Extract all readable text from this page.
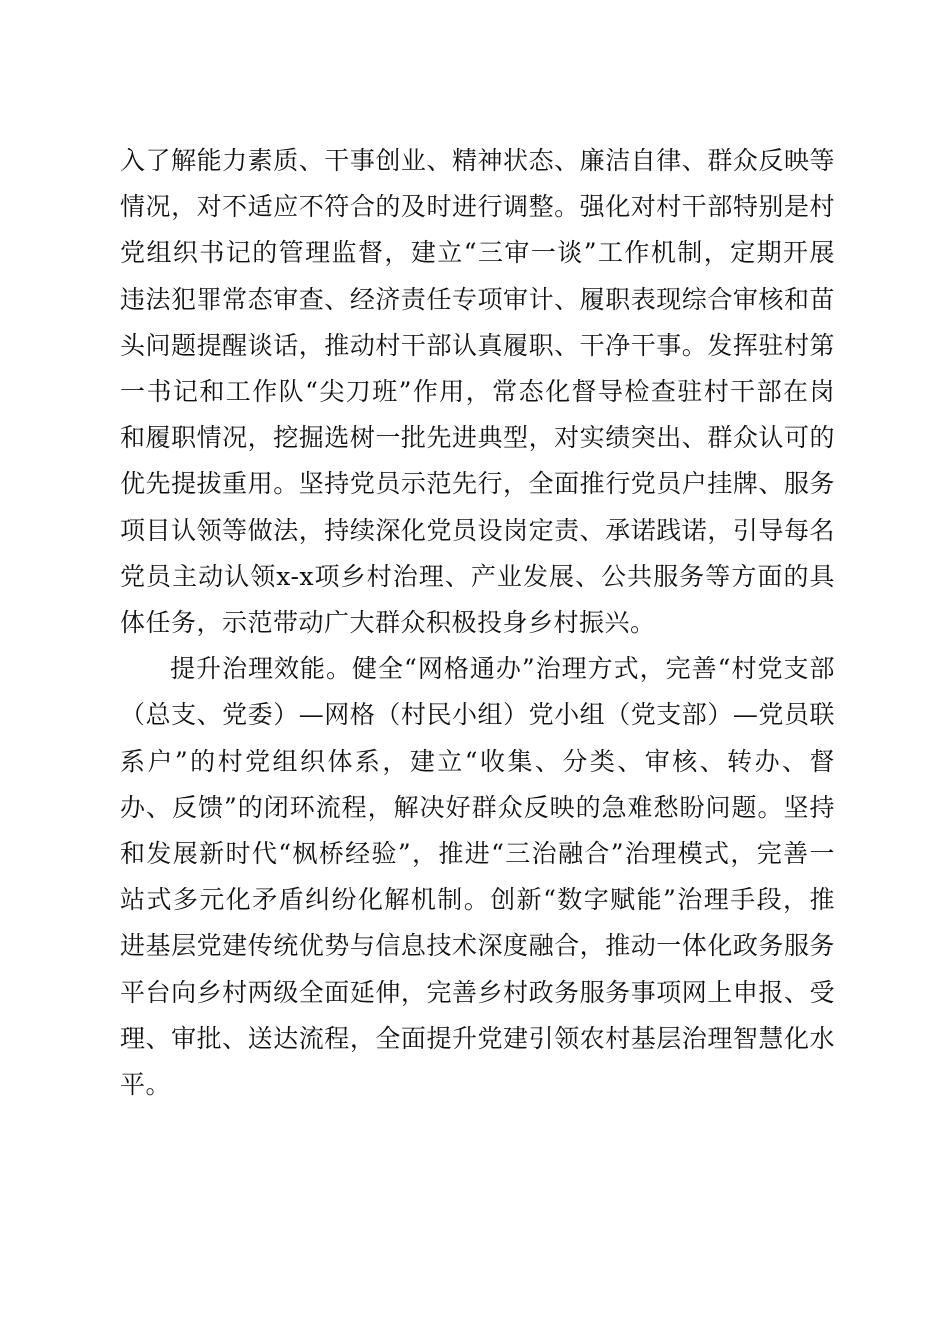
入了解能力素质、干事创业、精神状态、廉洁自律、群众反映等情况，对不适应不符合的及时进行调整。强化对村干部特别是村党组织书记的管理监督，建立“三审一谈”工作机制，定期开展违法犯罪常态审查、经济责任专项审计、履职表现综合审核和苗头问题提醒谈话，推动村干部认真履职、干净干事。发挥驻村第一书记和工作队“尖刀班”作用，常态化督导检查驻村干部在岗和履职情况，挖掘选树一批先进典型，对实绩突出、群众认可的优先提拔重用。坚持党员示范先行，全面推行党员户挂牌、服务项目认领等做法，持续深化党员设岗定责、承诺践诺，引导每名党员主动认领x-x项乡村治理、产业发展、公共服务等方面的具体任务，示范带动广大群众积极投身乡村振兴。

提升治理效能。健全“网格通办”治理方式，完善“村党支部（总支、党委）—网格（村民小组）党小组（党支部）—党员联系户”的村党组织体系，建立“收集、分类、审核、转办、督办、反馈”的闭环流程，解决好群众反映的急难愁盼问题。坚持和发展新时代“枫桥经验”，推进“三治融合”治理模式，完善一站式多元化矛盾纠纷化解机制。创新“数字赋能”治理手段，推进基层党建传统优势与信息技术深度融合，推动一体化政务服务平台向乡村两级全面延伸，完善乡村政务服务事项网上申报、受理、审批、送达流程，全面提升党建引领农村基层治理智慧化水平。
